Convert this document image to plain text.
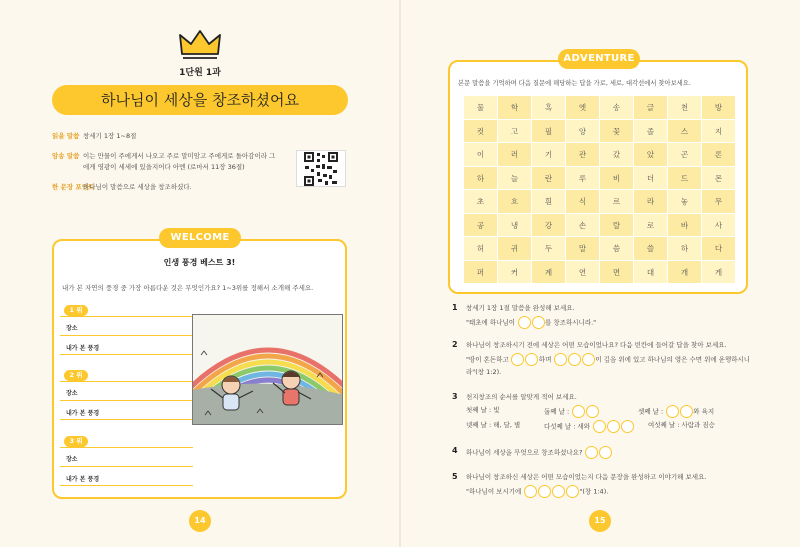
1단원 1과
하나님이 세상을 창조하셨어요
읽을 말씀 창세기 1장 1~8절
암송 말씀 이는 만물이 주에게서 나오고 주로 말미암고 주에게로 돌아감이라 그
에게 영광이 세세에 있을지어다 아멘 (로마서 11장 36절)
한 문장 포인트
하나님이 말씀으로 세상을 창조하셨다.
WELCOME
인생 풍경 베스트 3!
내가 본 자연의 풍경 중 가장 아름다운 것은 무엇인가요? 1~3위를 정해서 소개해 주세요.
1 위
장소
내가 본 풍경
2 위
장소
내가 본 풍경
3 위
장소
내가 본 풍경
14
ADVENTURE
본문 말씀을 기억하며 다음 질문에 해당하는 답을 가로, 세로, 대각선에서 찾아보세요.
물	학	흑	엣	송	글	천	방
컷	고	필	앙	꽃	졸	스	지
이	러	기	관	갔	았	곤	론
하	늘	란	루	비	더	드	몬
초	흐	흰	식	르	라	놓	무
공	냉	강	손	랄	로	바	사
허	귀	두	말	씀	쓸	하	다
퍼	커	계	연	면	대	개	게
1 창세기 1장 1절 말씀을 완성해 보세요.
"태초에 하나님이	를 창조하시니라."
2 하나님이 창조하시기 전에 세상은 어떤 모습이었나요? 다음 빈칸에 들어갈 답을 찾아 보세요.
"땅이 혼돈하고	하며	이 깊음 위에 있고 하나님의 영은 수면 위에 운행하시니
라"(창 1:2).
3 천지창조의 순서를 알맞게 적어 보세요.
첫째 날 : 빛	둘째 날 :	셋째 날 :	와 육지
넷째 날 : 해, 달, 별	다섯째 날 : 새와	여섯째 날 : 사람과 짐승
4 하나님이 세상을 무엇으로 창조하셨나요?
5 하나님이 창조하신 세상은 어떤 모습이었는지 다음 문장을 완성하고 이야기해 보세요.
"하나님이 보시기에	"(창 1:4).
15
